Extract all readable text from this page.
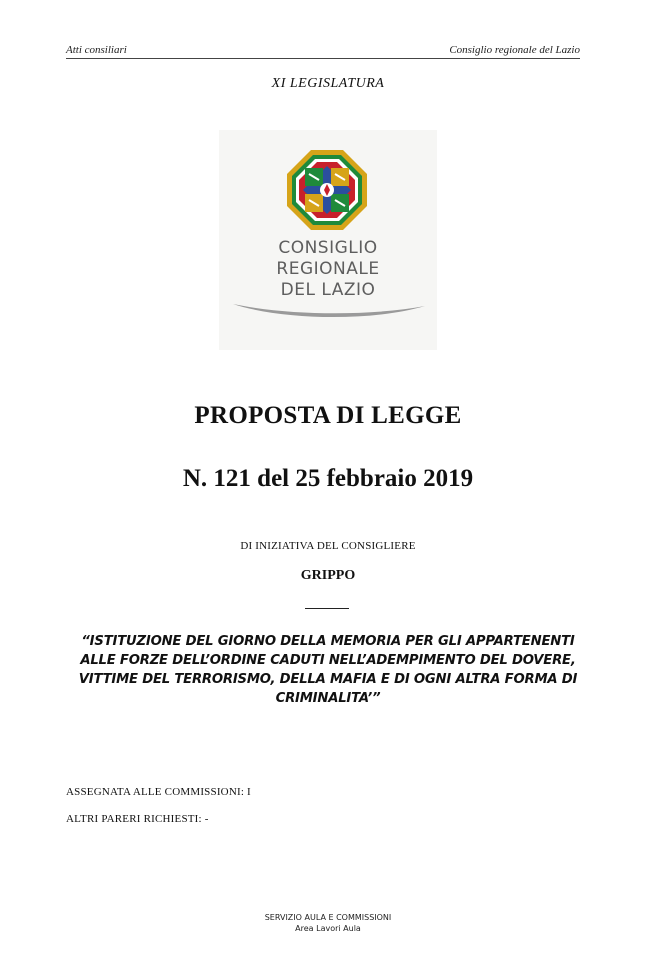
Atti consiliari	Consiglio regionale del Lazio
XI LEGISLATURA
CONSIGLIO
REGIONALE
DEL LAZIO
PROPOSTA DI LEGGE
N. 121 del 25 febbraio 2019
DI INIZIATIVA DEL CONSIGLIERE
GRIPPO
“ISTITUZIONE DEL GIORNO DELLA MEMORIA PER GLI APPARTENENTI
ALLE FORZE DELL’ORDINE CADUTI NELL’ADEMPIMENTO DEL DOVERE,
VITTIME DEL TERRORISMO, DELLA MAFIA E DI OGNI ALTRA FORMA DI
CRIMINALITA’”
ASSEGNATA ALLE COMMISSIONI: I
ALTRI PARERI RICHIESTI: -
SERVIZIO AULA E COMMISSIONI
Area Lavori Aula
